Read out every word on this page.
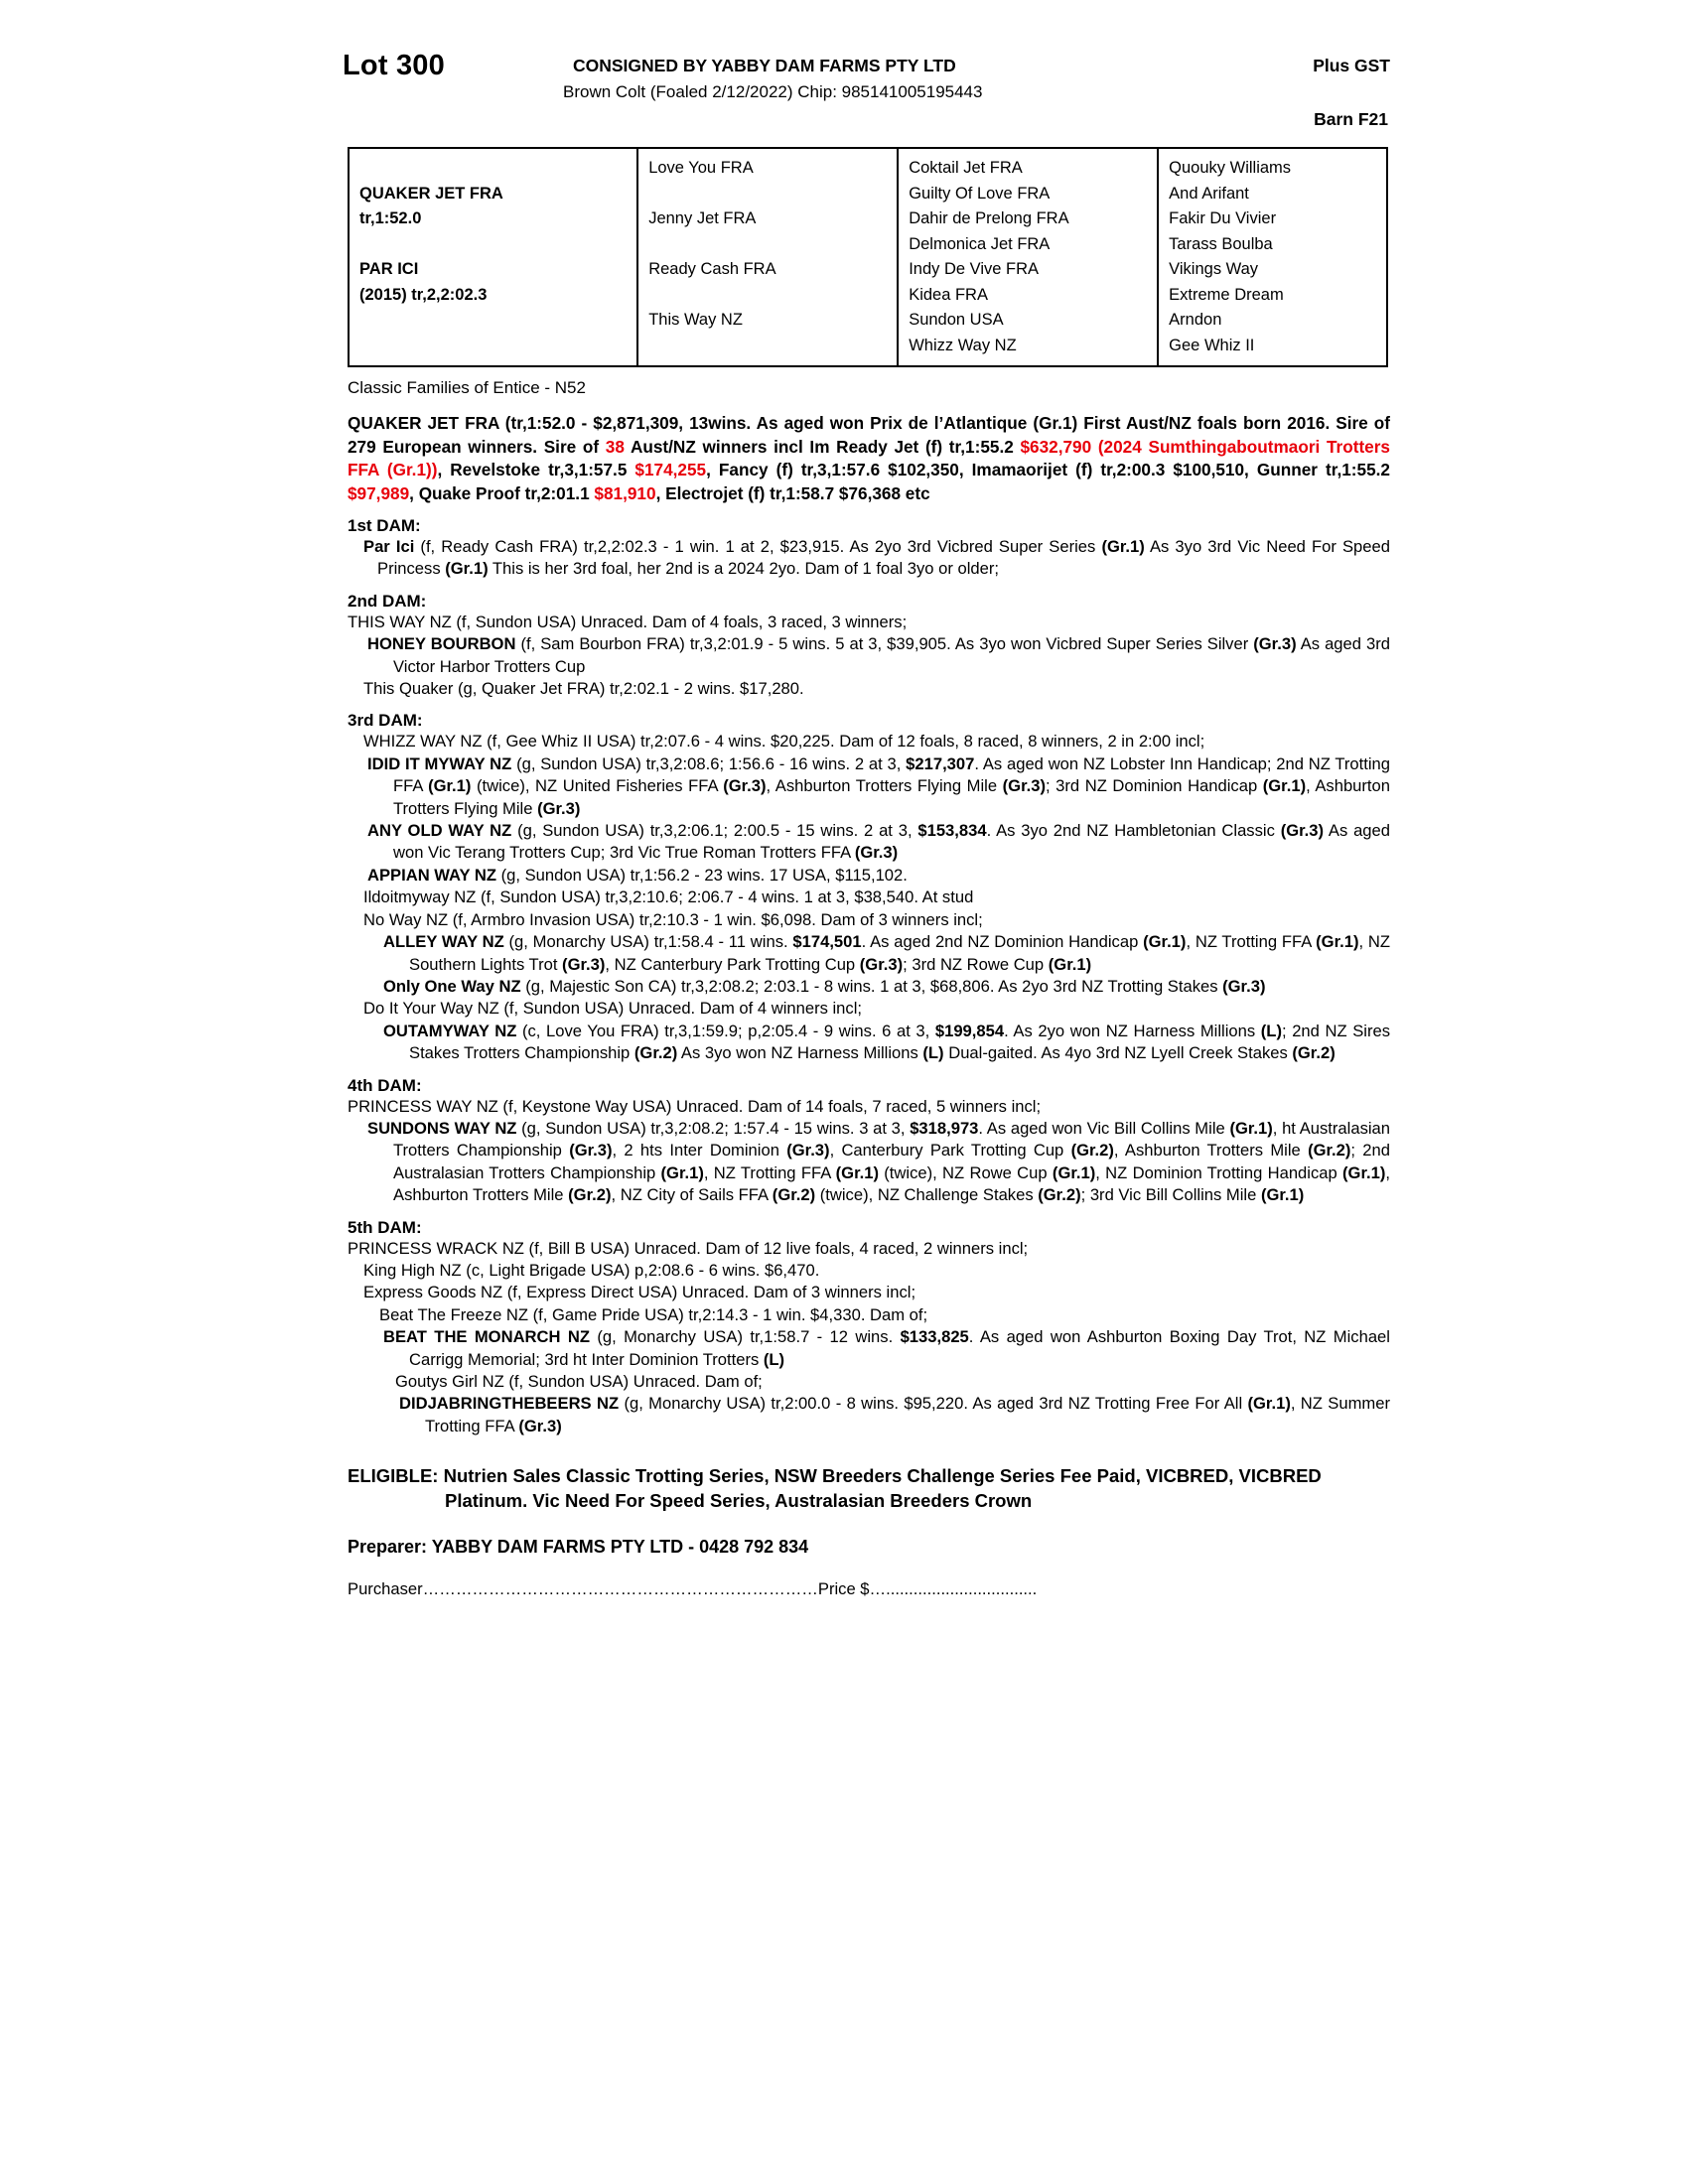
Lot 300	CONSIGNED BY YABBY DAM FARMS PTY LTD	Plus GST
Brown Colt (Foaled 2/12/2022) Chip: 985141005195443
Barn F21
QUAKER JET FRA
tr,1:52.0
PAR ICI
(2015) tr,2,2:02.3
Love You FRA

Jenny Jet FRA

Ready Cash FRA

This Way NZ

Coktail Jet FRA
Guilty Of Love FRA
Dahir de Prelong FRA
Delmonica Jet FRA
Indy De Vive FRA
Kidea FRA
Sundon USA
Whizz Way NZ
Quouky Williams
And Arifant
Fakir Du Vivier
Tarass Boulba
Vikings Way
Extreme Dream
Arndon
Gee Whiz II
Classic Families of Entice - N52
QUAKER JET FRA (tr,1:52.0 - $2,871,309, 13wins. As aged won Prix de l’Atlantique (Gr.1) First Aust/NZ foals born 2016. Sire of 279 European winners. Sire of 38 Aust/NZ winners incl Im Ready Jet (f) tr,1:55.2 $632,790 (2024 Sumthingaboutmaori Trotters FFA (Gr.1)), Revelstoke tr,3,1:57.5 $174,255, Fancy (f) tr,3,1:57.6 $102,350, Imamaorijet (f) tr,2:00.3 $100,510, Gunner tr,1:55.2 $97,989, Quake Proof tr,2:01.1 $81,910, Electrojet (f) tr,1:58.7 $76,368 etc
1st DAM:
Par Ici (f, Ready Cash FRA) tr,2,2:02.3 - 1 win. 1 at 2, $23,915. As 2yo 3rd Vicbred Super Series (Gr.1) As 3yo 3rd Vic Need For Speed Princess (Gr.1) This is her 3rd foal, her 2nd is a 2024 2yo. Dam of 1 foal 3yo or older;
2nd DAM:
THIS WAY NZ (f, Sundon USA) Unraced. Dam of 4 foals, 3 raced, 3 winners;
HONEY BOURBON (f, Sam Bourbon FRA) tr,3,2:01.9 - 5 wins. 5 at 3, $39,905. As 3yo won Vicbred Super Series Silver (Gr.3) As aged 3rd Victor Harbor Trotters Cup
This Quaker (g, Quaker Jet FRA) tr,2:02.1 - 2 wins. $17,280.
3rd DAM:
WHIZZ WAY NZ (f, Gee Whiz II USA) tr,2:07.6 - 4 wins. $20,225. Dam of 12 foals, 8 raced, 8 winners, 2 in 2:00 incl;
IDID IT MYWAY NZ (g, Sundon USA) tr,3,2:08.6; 1:56.6 - 16 wins. 2 at 3, $217,307. As aged won NZ Lobster Inn Handicap; 2nd NZ Trotting FFA (Gr.1) (twice), NZ United Fisheries FFA (Gr.3), Ashburton Trotters Flying Mile (Gr.3); 3rd NZ Dominion Handicap (Gr.1), Ashburton Trotters Flying Mile (Gr.3)
ANY OLD WAY NZ (g, Sundon USA) tr,3,2:06.1; 2:00.5 - 15 wins. 2 at 3, $153,834. As 3yo 2nd NZ Hambletonian Classic (Gr.3) As aged won Vic Terang Trotters Cup; 3rd Vic True Roman Trotters FFA (Gr.3)
APPIAN WAY NZ (g, Sundon USA) tr,1:56.2 - 23 wins. 17 USA, $115,102.
Ildoitmyway NZ (f, Sundon USA) tr,3,2:10.6; 2:06.7 - 4 wins. 1 at 3, $38,540. At stud
No Way NZ (f, Armbro Invasion USA) tr,2:10.3 - 1 win. $6,098. Dam of 3 winners incl;
ALLEY WAY NZ (g, Monarchy USA) tr,1:58.4 - 11 wins. $174,501. As aged 2nd NZ Dominion Handicap (Gr.1), NZ Trotting FFA (Gr.1), NZ Southern Lights Trot (Gr.3), NZ Canterbury Park Trotting Cup (Gr.3); 3rd NZ Rowe Cup (Gr.1)
Only One Way NZ (g, Majestic Son CA) tr,3,2:08.2; 2:03.1 - 8 wins. 1 at 3, $68,806. As 2yo 3rd NZ Trotting Stakes (Gr.3)
Do It Your Way NZ (f, Sundon USA) Unraced. Dam of 4 winners incl;
OUTAMYWAY NZ (c, Love You FRA) tr,3,1:59.9; p,2:05.4 - 9 wins. 6 at 3, $199,854. As 2yo won NZ Harness Millions (L); 2nd NZ Sires Stakes Trotters Championship (Gr.2) As 3yo won NZ Harness Millions (L) Dual-gaited. As 4yo 3rd NZ Lyell Creek Stakes (Gr.2)
4th DAM:
PRINCESS WAY NZ (f, Keystone Way USA) Unraced. Dam of 14 foals, 7 raced, 5 winners incl;
SUNDONS WAY NZ (g, Sundon USA) tr,3,2:08.2; 1:57.4 - 15 wins. 3 at 3, $318,973. As aged won Vic Bill Collins Mile (Gr.1), ht Australasian Trotters Championship (Gr.3), 2 hts Inter Dominion (Gr.3), Canterbury Park Trotting Cup (Gr.2), Ashburton Trotters Mile (Gr.2); 2nd Australasian Trotters Championship (Gr.1), NZ Trotting FFA (Gr.1) (twice), NZ Rowe Cup (Gr.1), NZ Dominion Trotting Handicap (Gr.1), Ashburton Trotters Mile (Gr.2), NZ City of Sails FFA (Gr.2) (twice), NZ Challenge Stakes (Gr.2); 3rd Vic Bill Collins Mile (Gr.1)
5th DAM:
PRINCESS WRACK NZ (f, Bill B USA) Unraced. Dam of 12 live foals, 4 raced, 2 winners incl;
King High NZ (c, Light Brigade USA) p,2:08.6 - 6 wins. $6,470.
Express Goods NZ (f, Express Direct USA) Unraced. Dam of 3 winners incl;
Beat The Freeze NZ (f, Game Pride USA) tr,2:14.3 - 1 win. $4,330. Dam of;
BEAT THE MONARCH NZ (g, Monarchy USA) tr,1:58.7 - 12 wins. $133,825. As aged won Ashburton Boxing Day Trot, NZ Michael Carrigg Memorial; 3rd ht Inter Dominion Trotters (L)
Goutys Girl NZ (f, Sundon USA) Unraced. Dam of;
DIDJABRINGTHEBEERS NZ (g, Monarchy USA) tr,2:00.0 - 8 wins. $95,220. As aged 3rd NZ Trotting Free For All (Gr.1), NZ Summer Trotting FFA (Gr.3)
ELIGIBLE: Nutrien Sales Classic Trotting Series, NSW Breeders Challenge Series Fee Paid, VICBRED, VICBRED Platinum. Vic Need For Speed Series, Australasian Breeders Crown
Preparer: YABBY DAM FARMS PTY LTD - 0428 792 834
Purchaser………………………………………………………………Price $….................................
